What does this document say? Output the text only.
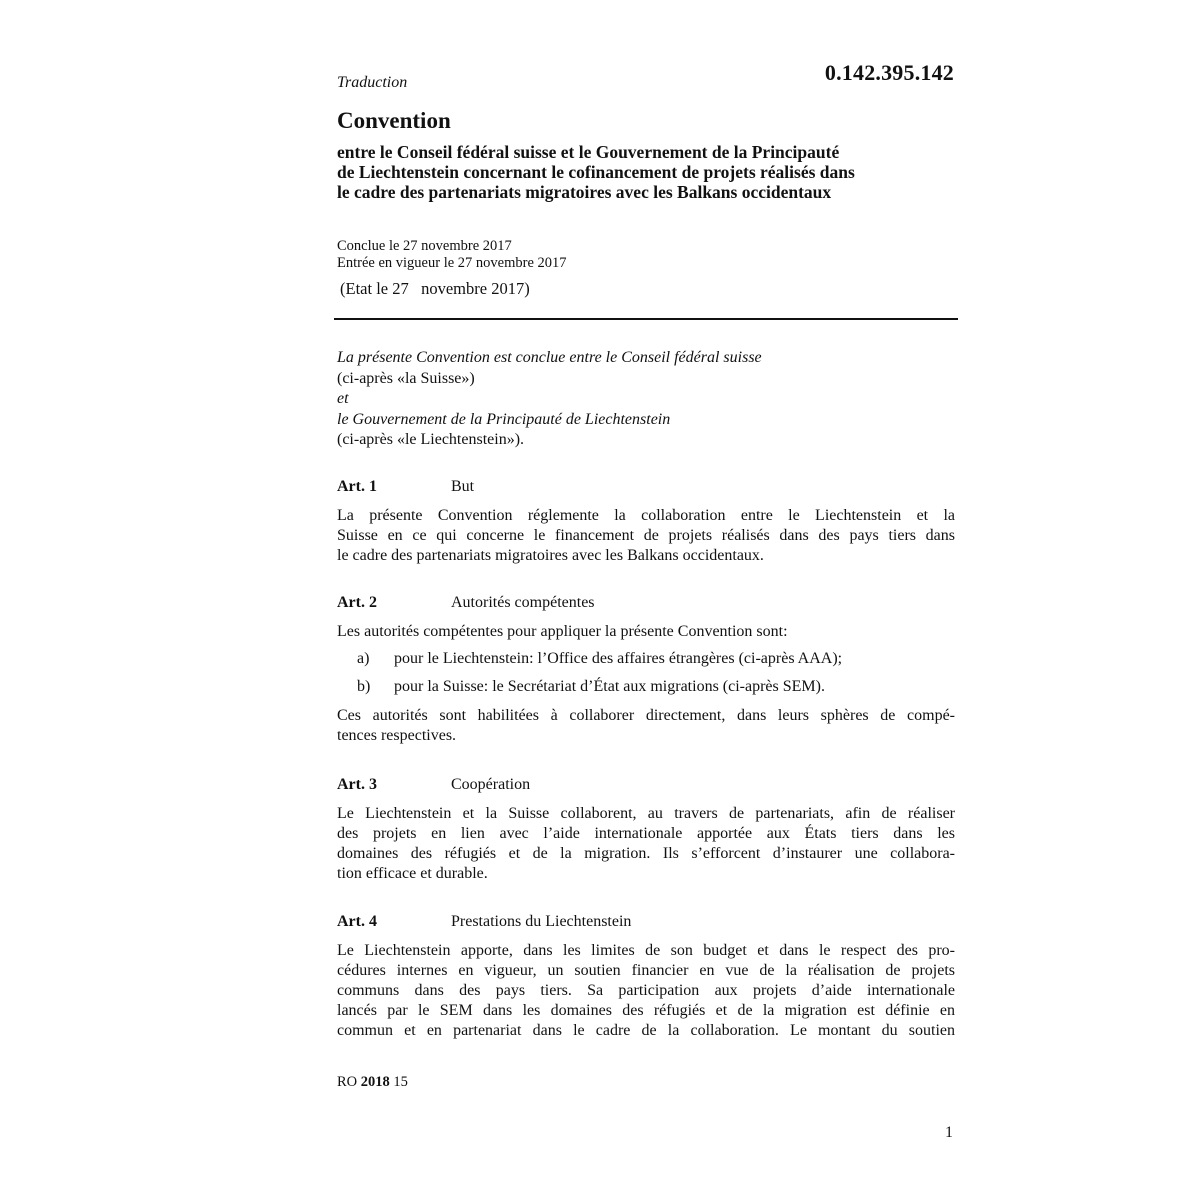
0.142.395.142
Traduction
Convention
entre le Conseil fédéral suisse et le Gouvernement de la Principauté
de Liechtenstein concernant le cofinancement de projets réalisés dans
le cadre des partenariats migratoires avec les Balkans occidentaux
Conclue le 27 novembre 2017
Entrée en vigueur le 27 novembre 2017
(Etat le 27   novembre 2017)
La présente Convention est conclue entre le Conseil fédéral suisse
(ci-après «la Suisse»)
et
le Gouvernement de la Principauté de Liechtenstein
(ci-après «le Liechtenstein»).
Art. 1	But
La présente Convention réglemente la collaboration entre le Liechtenstein et la
Suisse en ce qui concerne le financement de projets réalisés dans des pays tiers dans
le cadre des partenariats migratoires avec les Balkans occidentaux.
Art. 2	Autorités compétentes
Les autorités compétentes pour appliquer la présente Convention sont:
a) pour le Liechtenstein: l’Office des affaires étrangères (ci-après AAA);
b) pour la Suisse: le Secrétariat d’État aux migrations (ci-après SEM).
Ces autorités sont habilitées à collaborer directement, dans leurs sphères de compé-
tences respectives.
Art. 3	Coopération
Le Liechtenstein et la Suisse collaborent, au travers de partenariats, afin de réaliser
des projets en lien avec l’aide internationale apportée aux États tiers dans les
domaines des réfugiés et de la migration. Ils s’efforcent d’instaurer une collabora-
tion efficace et durable.
Art. 4	Prestations du Liechtenstein
Le Liechtenstein apporte, dans les limites de son budget et dans le respect des pro-
cédures internes en vigueur, un soutien financier en vue de la réalisation de projets
communs dans des pays tiers. Sa participation aux projets d’aide internationale
lancés par le SEM dans les domaines des réfugiés et de la migration est définie en
commun et en partenariat dans le cadre de la collaboration. Le montant du soutien
RO 2018 15
1
